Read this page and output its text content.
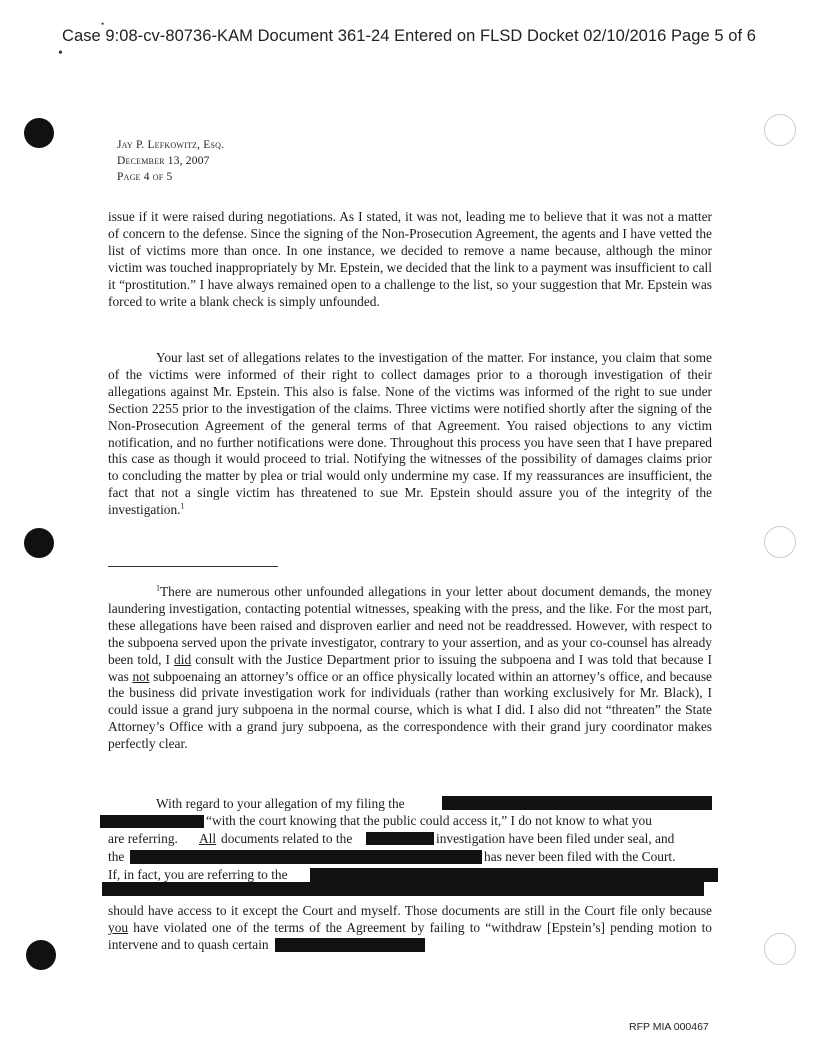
Case 9:08-cv-80736-KAM Document 361-24 Entered on FLSD Docket 02/10/2016 Page 5 of 6
•
•
Jay P. Lefkowitz, Esq.
December 13, 2007
Page 4 of 5
issue if it were raised during negotiations. As I stated, it was not, leading me to believe that it was not a matter of concern to the defense. Since the signing of the Non-Prosecution Agreement, the agents and I have vetted the list of victims more than once. In one instance, we decided to remove a name because, although the minor victim was touched inappropriately by Mr. Epstein, we decided that the link to a payment was insufficient to call it “prostitution.” I have always remained open to a challenge to the list, so your suggestion that Mr. Epstein was forced to write a blank check is simply unfounded.
Your last set of allegations relates to the investigation of the matter. For instance, you claim that some of the victims were informed of their right to collect damages prior to a thorough investigation of their allegations against Mr. Epstein. This also is false. None of the victims was informed of the right to sue under Section 2255 prior to the investigation of the claims. Three victims were notified shortly after the signing of the Non-Prosecution Agreement of the general terms of that Agreement. You raised objections to any victim notification, and no further notifications were done. Throughout this process you have seen that I have prepared this case as though it would proceed to trial. Notifying the witnesses of the possibility of damages claims prior to concluding the matter by plea or trial would only undermine my case. If my reassurances are insufficient, the fact that not a single victim has threatened to sue Mr. Epstein should assure you of the integrity of the investigation.$^1$
$^1$There are numerous other unfounded allegations in your letter about document demands, the money laundering investigation, contacting potential witnesses, speaking with the press, and the like. For the most part, these allegations have been raised and disproven earlier and need not be readdressed. However, with respect to the subpoena served upon the private investigator, contrary to your assertion, and as your co-counsel has already been told, I did consult with the Justice Department prior to issuing the subpoena and I was told that because I was not subpoenaing an attorney’s office or an office physically located within an attorney’s office, and because the business did private investigation work for individuals (rather than working exclusively for Mr. Black), I could issue a grand jury subpoena in the normal course, which is what I did. I also did not “threaten” the State Attorney’s Office with a grand jury subpoena, as the correspondence with their grand jury coordinator makes perfectly clear.
With regard to your allegation of my filing the
“with the court knowing that the public could access it,” I do not know to what you
are referring. All documents related to the	investigation have been filed under seal, and
the	has never been filed with the Court.
If, in fact, you are referring to the
should have access to it except the Court and myself. Those documents are still in the Court file only because you have violated one of the terms of the Agreement by failing to “withdraw [Epstein’s] pending motion to intervene and to quash certain
RFP MIA 000467
